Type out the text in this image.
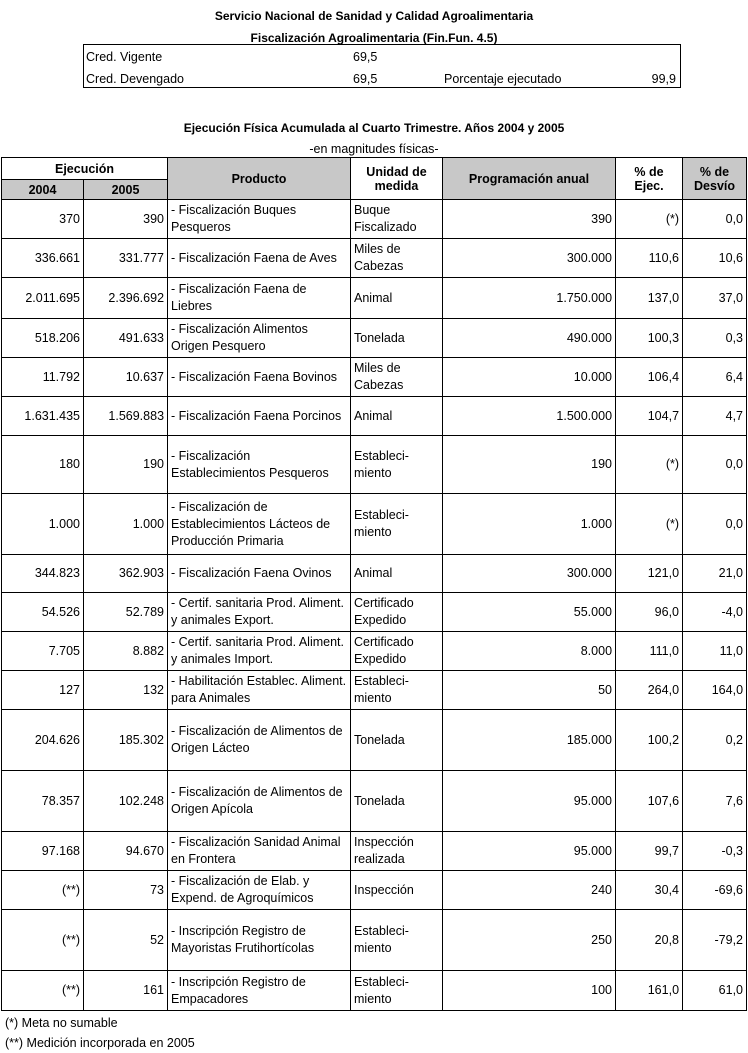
Servicio Nacional de Sanidad y Calidad Agroalimentaria
Fiscalización Agroalimentaria (Fin.Fun. 4.5)
Cred. Vigente	69,5
Cred. Devengado	69,5	Porcentaje ejecutado	99,9
Ejecución Física Acumulada al Cuarto Trimestre. Años 2004 y 2005
-en magnitudes físicas-
Ejecución		Producto	Unidad de medida	Programación anual	% de Ejec.	% de Desvío
2004	2005					
370	390	- Fiscalización Buques Pesqueros	Buque Fiscalizado	390	(*)	0,0
336.661	331.777	- Fiscalización Faena de Aves	Miles de Cabezas	300.000	110,6	10,6
2.011.695	2.396.692	- Fiscalización Faena de Liebres	Animal	1.750.000	137,0	37,0
518.206	491.633	- Fiscalización Alimentos Origen Pesquero	Tonelada	490.000	100,3	0,3
11.792	10.637	- Fiscalización Faena Bovinos	Miles de Cabezas	10.000	106,4	6,4
1.631.435	1.569.883	- Fiscalización Faena Porcinos	Animal	1.500.000	104,7	4,7
180	190	- Fiscalización Establecimientos Pesqueros	Estableci-miento	190	(*)	0,0
1.000	1.000	- Fiscalización de Establecimientos Lácteos de Producción Primaria	Estableci-miento	1.000	(*)	0,0
344.823	362.903	- Fiscalización Faena Ovinos	Animal	300.000	121,0	21,0
54.526	52.789	- Certif. sanitaria Prod. Aliment. y animales Export.	Certificado Expedido	55.000	96,0	-4,0
7.705	8.882	- Certif. sanitaria Prod. Aliment. y animales Import.	Certificado Expedido	8.000	111,0	11,0
127	132	- Habilitación Establec. Aliment. para Animales	Estableci-miento	50	264,0	164,0
204.626	185.302	- Fiscalización de Alimentos de Origen Lácteo	Tonelada	185.000	100,2	0,2
78.357	102.248	- Fiscalización de Alimentos de Origen Apícola	Tonelada	95.000	107,6	7,6
97.168	94.670	- Fiscalización Sanidad Animal en Frontera	Inspección realizada	95.000	99,7	-0,3
(**)	73	- Fiscalización de Elab. y Expend. de Agroquímicos	Inspección	240	30,4	-69,6
(**)	52	- Inscripción Registro de Mayoristas Frutihortícolas	Estableci-miento	250	20,8	-79,2
(**)	161	- Inscripción Registro de Empacadores	Estableci-miento	100	161,0	61,0
(*) Meta no sumable
(**) Medición incorporada en 2005
